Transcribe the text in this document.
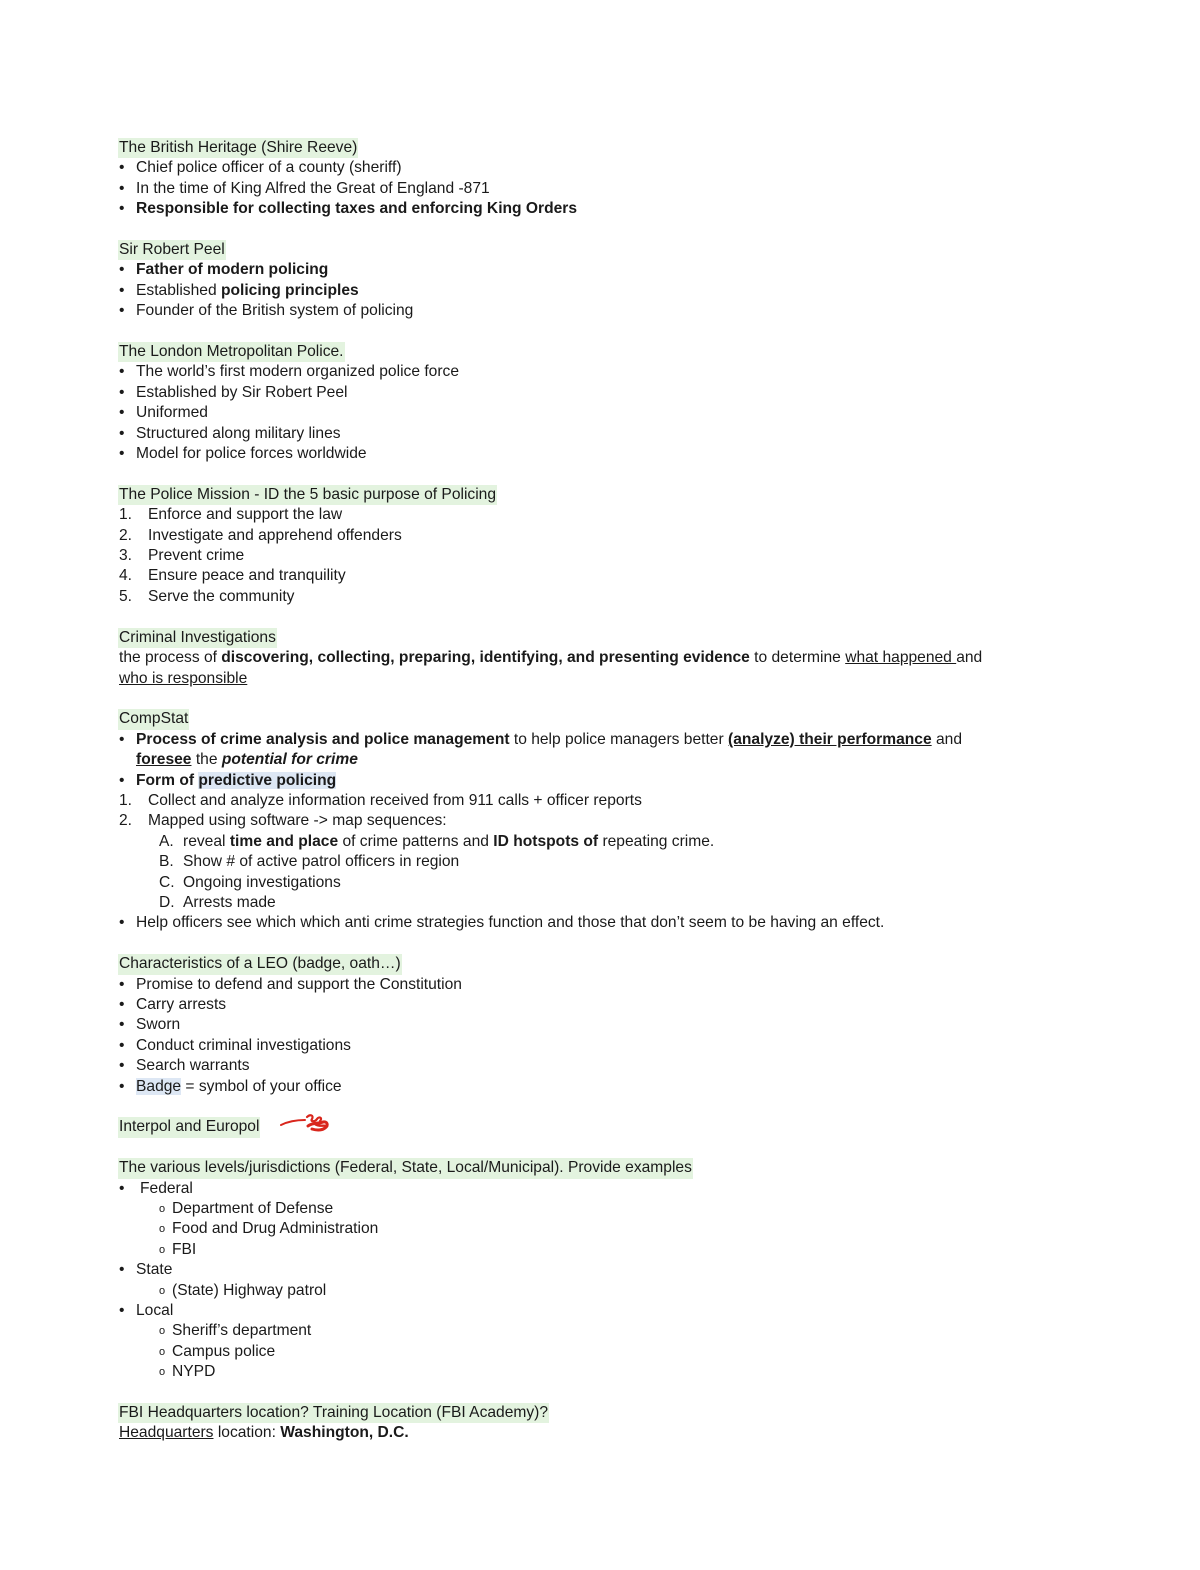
The British Heritage (Shire Reeve)
• Chief police officer of a county (sheriff)
• In the time of King Alfred the Great of England -871
• Responsible for collecting taxes and enforcing King Orders
Sir Robert Peel
• Father of modern policing
• Established policing principles
• Founder of the British system of policing
The London Metropolitan Police.
• The world’s first modern organized police force
• Established by Sir Robert Peel
• Uniformed
• Structured along military lines
• Model for police forces worldwide
The Police Mission - ID the 5 basic purpose of Policing
1. Enforce and support the law
2. Investigate and apprehend offenders
3. Prevent crime
4. Ensure peace and tranquility
5. Serve the community
Criminal Investigations
the process of discovering, collecting, preparing, identifying, and presenting evidence to determine what happened and
who is responsible
CompStat
• Process of crime analysis and police management to help police managers better (analyze) their performance and
foresee the potential for crime
• Form of predictive policing
1. Collect and analyze information received from 911 calls + officer reports
2. Mapped using software -> map sequences:
A. reveal time and place of crime patterns and ID hotspots of repeating crime.
B. Show # of active patrol officers in region
C. Ongoing investigations
D. Arrests made
• Help officers see which which anti crime strategies function and those that don’t seem to be having an effect.
Characteristics of a LEO (badge, oath…)
• Promise to defend and support the Constitution
• Carry arrests
• Sworn
• Conduct criminal investigations
• Search warrants
• Badge = symbol of your office
Interpol and Europol
The various levels/jurisdictions (Federal, State, Local/Municipal). Provide examples
• Federal
o Department of Defense
o Food and Drug Administration
o FBI
• State
o (State) Highway patrol
• Local
o Sheriff’s department
o Campus police
o NYPD
FBI Headquarters location? Training Location (FBI Academy)?
Headquarters location: Washington, D.C.
